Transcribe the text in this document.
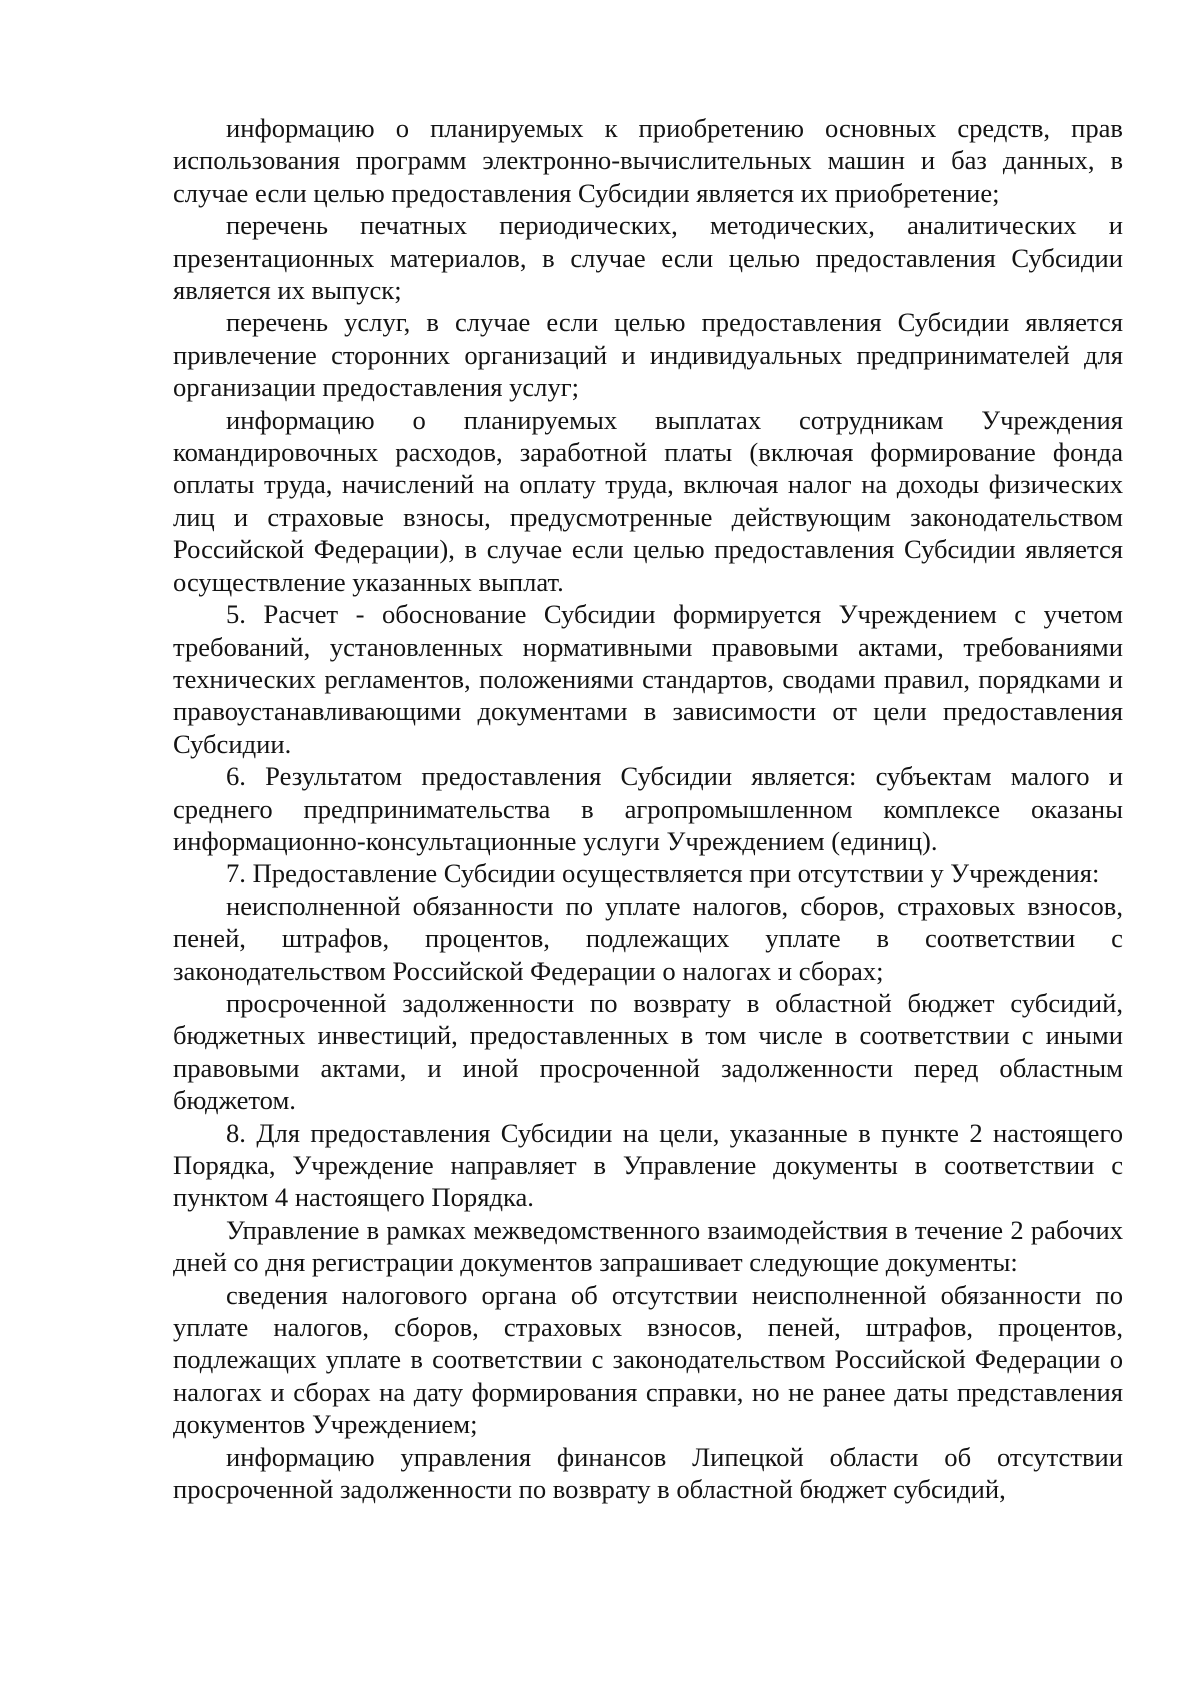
информацию о планируемых к приобретению основных средств, прав использования программ электронно-вычислительных машин и баз данных, в случае если целью предоставления Субсидии является их приобретение;

перечень печатных периодических, методических, аналитических и презентационных материалов, в случае если целью предоставления Субсидии является их выпуск;

перечень услуг, в случае если целью предоставления Субсидии является привлечение сторонних организаций и индивидуальных предпринимателей для организации предоставления услуг;

информацию о планируемых выплатах сотрудникам Учреждения командировочных расходов, заработной платы (включая формирование фонда оплаты труда, начислений на оплату труда, включая налог на доходы физических лиц и страховые взносы, предусмотренные действующим законодательством Российской Федерации), в случае если целью предоставления Субсидии является осуществление указанных выплат.

5. Расчет - обоснование Субсидии формируется Учреждением с учетом требований, установленных нормативными правовыми актами, требованиями технических регламентов, положениями стандартов, сводами правил, порядками и правоустанавливающими документами в зависимости от цели предоставления Субсидии.

6. Результатом предоставления Субсидии является: субъектам малого и среднего предпринимательства в агропромышленном комплексе оказаны информационно-консультационные услуги Учреждением (единиц).

7. Предоставление Субсидии осуществляется при отсутствии у Учреждения:

неисполненной обязанности по уплате налогов, сборов, страховых взносов, пеней, штрафов, процентов, подлежащих уплате в соответствии с законодательством Российской Федерации о налогах и сборах;

просроченной задолженности по возврату в областной бюджет субсидий, бюджетных инвестиций, предоставленных в том числе в соответствии с иными правовыми актами, и иной просроченной задолженности перед областным бюджетом.

8. Для предоставления Субсидии на цели, указанные в пункте 2 настоящего Порядка, Учреждение направляет в Управление документы в соответствии с пунктом 4 настоящего Порядка.

Управление в рамках межведомственного взаимодействия в течение 2 рабочих дней со дня регистрации документов запрашивает следующие документы:

сведения налогового органа об отсутствии неисполненной обязанности по уплате налогов, сборов, страховых взносов, пеней, штрафов, процентов, подлежащих уплате в соответствии с законодательством Российской Федерации о налогах и сборах на дату формирования справки, но не ранее даты представления документов Учреждением;

информацию управления финансов Липецкой области об отсутствии просроченной задолженности по возврату в областной бюджет субсидий,
